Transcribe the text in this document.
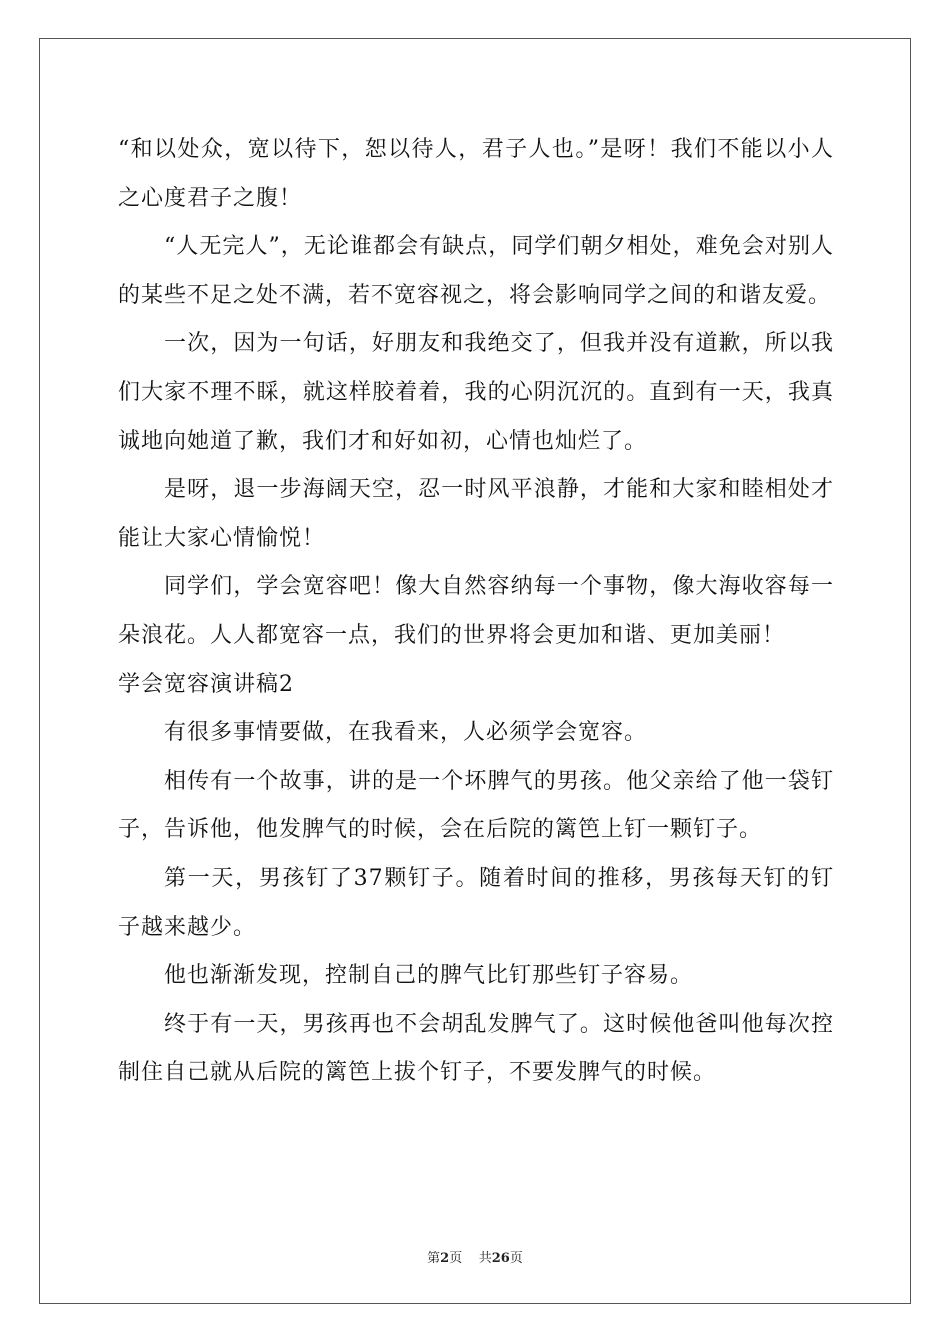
“和以处众，宽以待下，恕以待人，君子人也。”是呀！我们不能以小人之心度君子之腹！

“人无完人”，无论谁都会有缺点，同学们朝夕相处，难免会对别人的某些不足之处不满，若不宽容视之，将会影响同学之间的和谐友爱。

一次，因为一句话，好朋友和我绝交了，但我并没有道歉，所以我们大家不理不睬，就这样胶着着，我的心阴沉沉的。直到有一天，我真诚地向她道了歉，我们才和好如初，心情也灿烂了。

是呀，退一步海阔天空，忍一时风平浪静，才能和大家和睦相处才能让大家心情愉悦！

同学们，学会宽容吧！像大自然容纳每一个事物，像大海收容每一朵浪花。人人都宽容一点，我们的世界将会更加和谐、更加美丽！

学会宽容演讲稿2

有很多事情要做，在我看来，人必须学会宽容。

相传有一个故事，讲的是一个坏脾气的男孩。他父亲给了他一袋钉子，告诉他，他发脾气的时候，会在后院的篱笆上钉一颗钉子。

第一天，男孩钉了37颗钉子。随着时间的推移，男孩每天钉的钉子越来越少。

他也渐渐发现，控制自己的脾气比钉那些钉子容易。

终于有一天，男孩再也不会胡乱发脾气了。这时候他爸叫他每次控制住自己就从后院的篱笆上拔个钉子，不要发脾气的时候。

第2页 共26页
